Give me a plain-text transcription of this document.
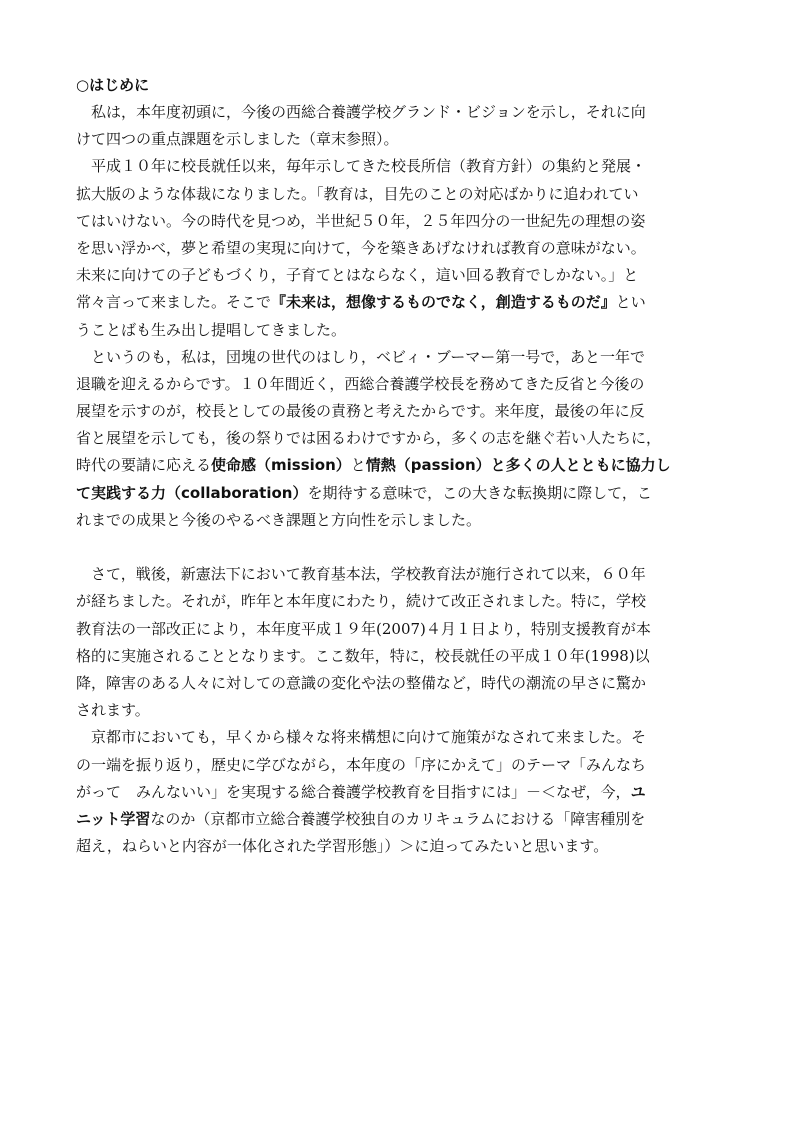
○はじめに
　私は，本年度初頭に，今後の西総合養護学校グランド・ビジョンを示し，それに向
けて四つの重点課題を示しました（章末参照）。
　平成１０年に校長就任以来，毎年示してきた校長所信（教育方針）の集約と発展・
拡大版のような体裁になりました。「教育は，目先のことの対応ばかりに追われてい
てはいけない。今の時代を見つめ，半世紀５０年，２５年四分の一世紀先の理想の姿
を思い浮かべ，夢と希望の実現に向けて，今を築きあげなければ教育の意味がない。
未来に向けての子どもづくり，子育てとはならなく，這い回る教育でしかない。」と
常々言って来ました。そこで『未来は，想像するものでなく，創造するものだ』とい
うことばも生み出し提唱してきました。
　というのも，私は，団塊の世代のはしり，ベビィ・ブーマー第一号で，あと一年で
退職を迎えるからです。１０年間近く，西総合養護学校長を務めてきた反省と今後の
展望を示すのが，校長としての最後の責務と考えたからです。来年度，最後の年に反
省と展望を示しても，後の祭りでは困るわけですから，多くの志を継ぐ若い人たちに，
時代の要請に応える使命感（mission）と情熱（passion）と多くの人とともに協力し
て実践する力（collaboration）を期待する意味で，この大きな転換期に際して，こ
れまでの成果と今後のやるべき課題と方向性を示しました。
　さて，戦後，新憲法下において教育基本法，学校教育法が施行されて以来，６０年
が経ちました。それが，昨年と本年度にわたり，続けて改正されました。特に，学校
教育法の一部改正により，本年度平成１９年(2007)４月１日より，特別支援教育が本
格的に実施されることとなります。ここ数年，特に，校長就任の平成１０年(1998)以
降，障害のある人々に対しての意識の変化や法の整備など，時代の潮流の早さに驚か
されます。
　京都市においても，早くから様々な将来構想に向けて施策がなされて来ました。そ
の一端を振り返り，歴史に学びながら，本年度の「序にかえて」のテーマ「みんなち
がって　みんないい」を実現する総合養護学校教育を目指すには」－＜なぜ，今，ユ
ニット学習なのか（京都市立総合養護学校独自のカリキュラムにおける「障害種別を
超え，ねらいと内容が一体化された学習形態」）＞に迫ってみたいと思います。
